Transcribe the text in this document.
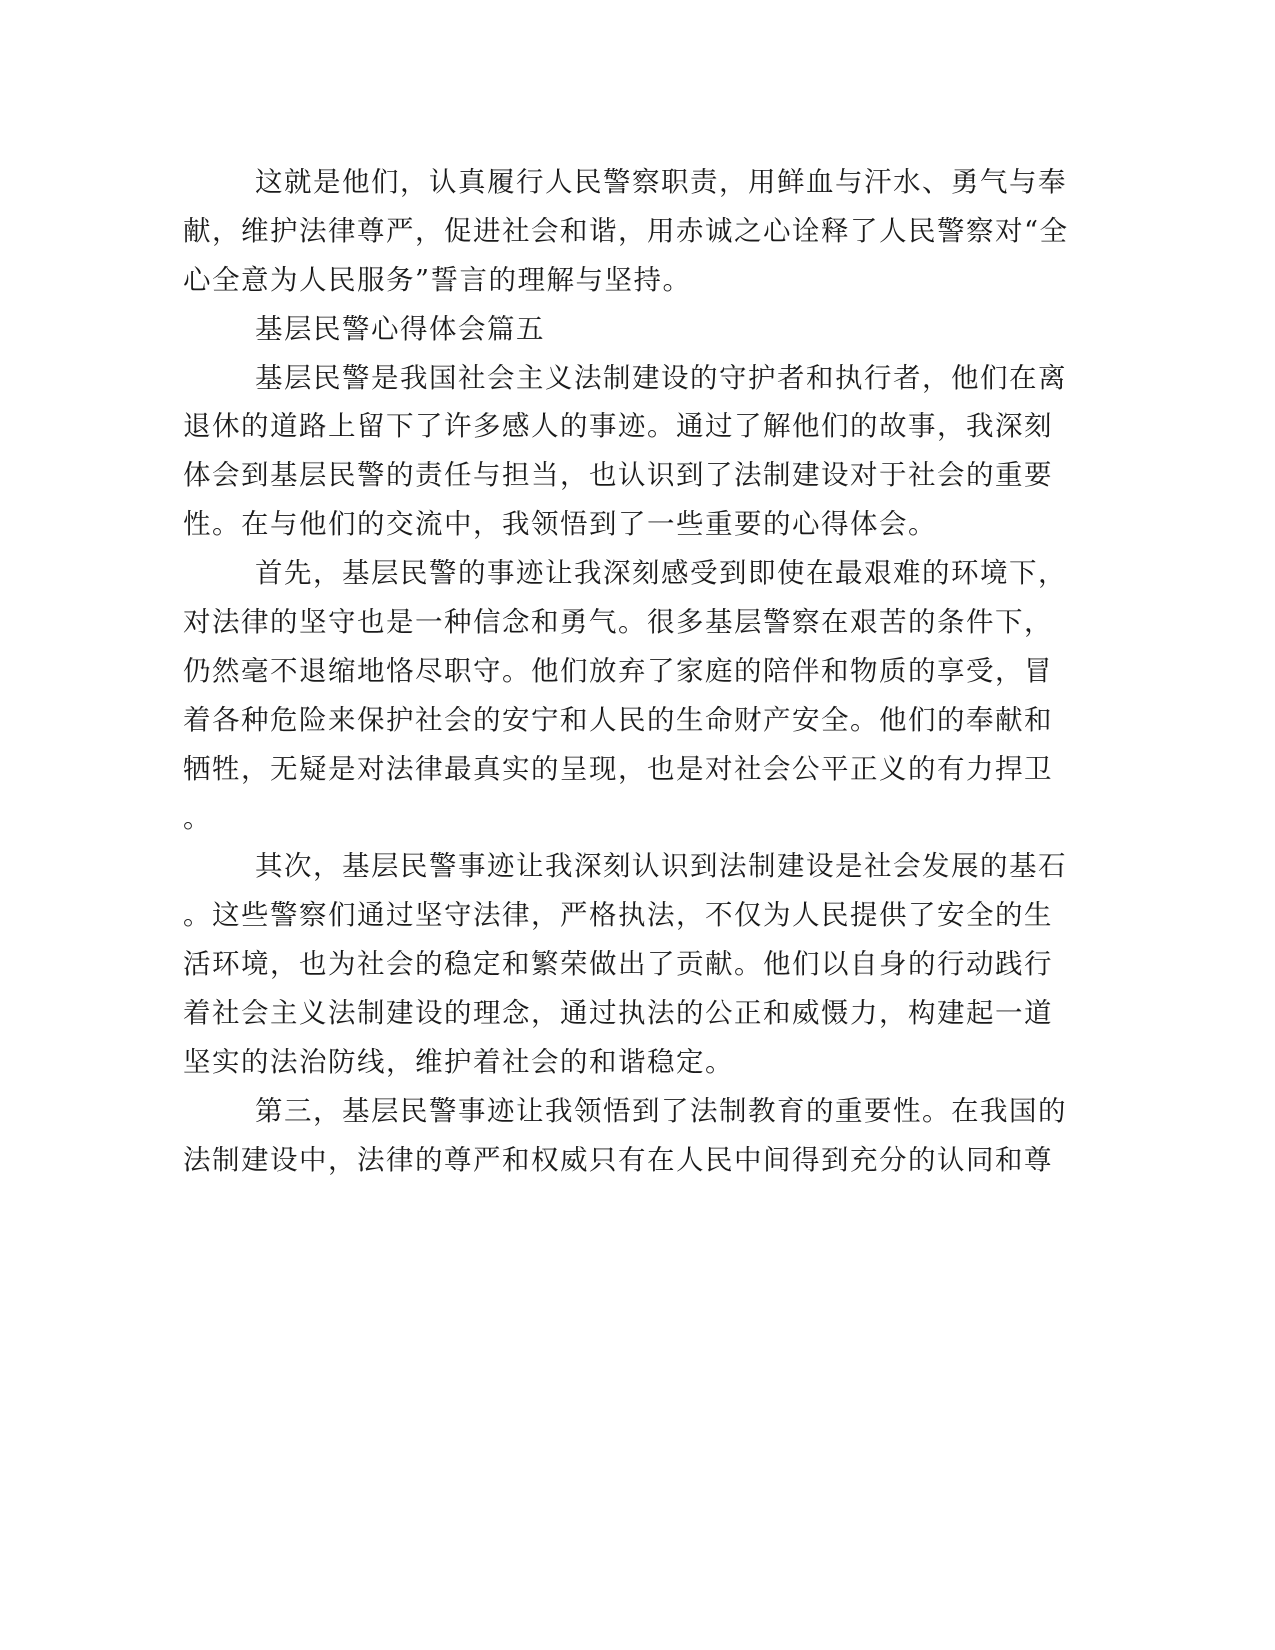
这就是他们，认真履行人民警察职责，用鲜血与汗水、勇气与奉
献，维护法律尊严，促进社会和谐，用赤诚之心诠释了人民警察对“全
心全意为人民服务”誓言的理解与坚持。
基层民警心得体会篇五
基层民警是我国社会主义法制建设的守护者和执行者，他们在离
退休的道路上留下了许多感人的事迹。通过了解他们的故事，我深刻
体会到基层民警的责任与担当，也认识到了法制建设对于社会的重要
性。在与他们的交流中，我领悟到了一些重要的心得体会。
首先，基层民警的事迹让我深刻感受到即使在最艰难的环境下，
对法律的坚守也是一种信念和勇气。很多基层警察在艰苦的条件下，
仍然毫不退缩地恪尽职守。他们放弃了家庭的陪伴和物质的享受，冒
着各种危险来保护社会的安宁和人民的生命财产安全。他们的奉献和
牺牲，无疑是对法律最真实的呈现，也是对社会公平正义的有力捍卫
。
其次，基层民警事迹让我深刻认识到法制建设是社会发展的基石
。这些警察们通过坚守法律，严格执法，不仅为人民提供了安全的生
活环境，也为社会的稳定和繁荣做出了贡献。他们以自身的行动践行
着社会主义法制建设的理念，通过执法的公正和威慑力，构建起一道
坚实的法治防线，维护着社会的和谐稳定。
第三，基层民警事迹让我领悟到了法制教育的重要性。在我国的
法制建设中，法律的尊严和权威只有在人民中间得到充分的认同和尊
